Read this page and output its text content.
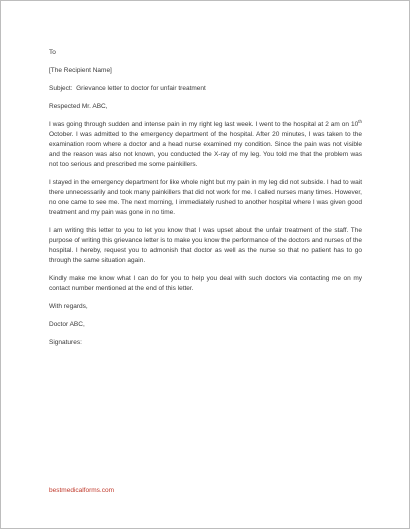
To
[The Recipient Name]
Subject: Grievance letter to doctor for unfair treatment
Respected Mr. ABC,
I was going through sudden and intense pain in my right leg last week. I went to the hospital at 2 am on 10th October. I was admitted to the emergency department of the hospital. After 20 minutes, I was taken to the examination room where a doctor and a head nurse examined my condition. Since the pain was not visible and the reason was also not known, you conducted the X-ray of my leg. You told me that the problem was not too serious and prescribed me some painkillers.
I stayed in the emergency department for like whole night but my pain in my leg did not subside. I had to wait there unnecessarily and took many painkillers that did not work for me. I called nurses many times. However, no one came to see me. The next morning, I immediately rushed to another hospital where I was given good treatment and my pain was gone in no time.
I am writing this letter to you to let you know that I was upset about the unfair treatment of the staff. The purpose of writing this grievance letter is to make you know the performance of the doctors and nurses of the hospital. I hereby, request you to admonish that doctor as well as the nurse so that no patient has to go through the same situation again.
Kindly make me know what I can do for you to help you deal with such doctors via contacting me on my contact number mentioned at the end of this letter.
With regards,
Doctor ABC,
Signatures:
bestmedicalforms.com
